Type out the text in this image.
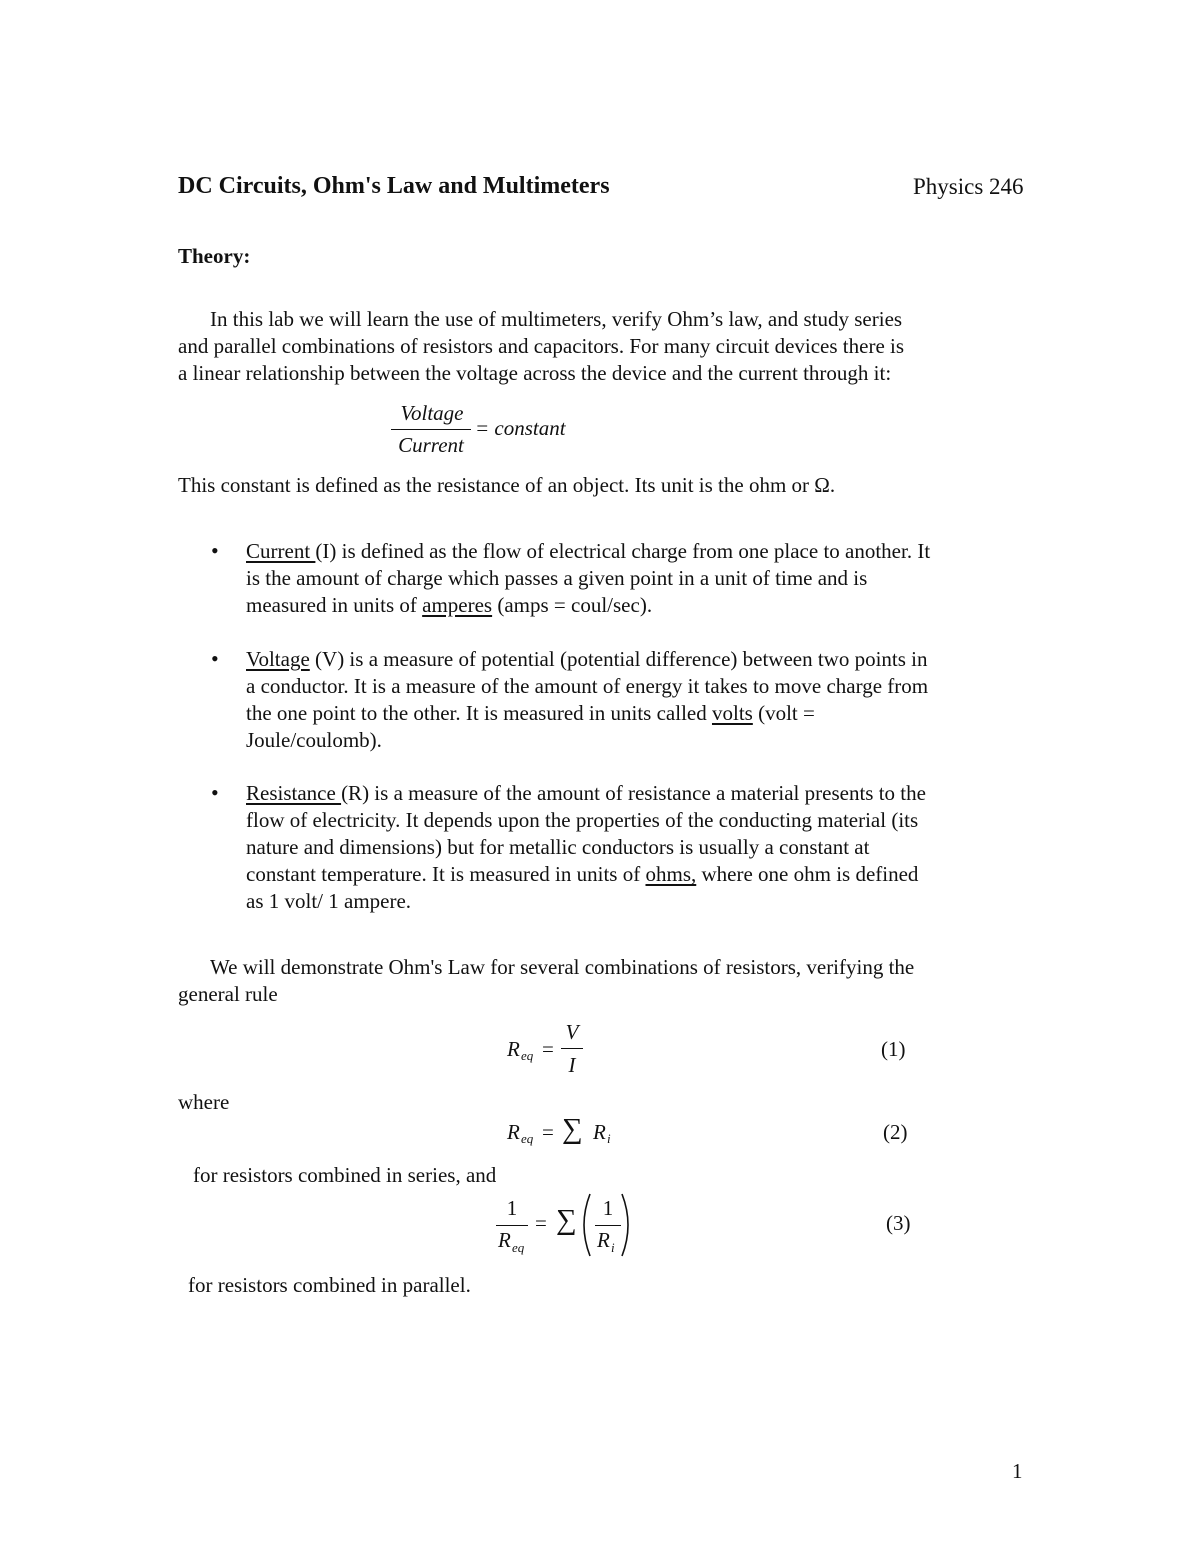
DC Circuits, Ohm's Law and Multimeters	Physics 246
Theory:
In this lab we will learn the use of multimeters, verify Ohm’s law, and study series
and parallel combinations of resistors and capacitors. For many circuit devices there is
a linear relationship between the voltage across the device and the current through it:
Voltage
Current
= constant
This constant is defined as the resistance of an object. Its unit is the ohm or Ω.
• Current (I) is defined as the flow of electrical charge from one place to another. It
is the amount of charge which passes a given point in a unit of time and is
measured in units of amperes (amps = coul/sec).
• Voltage (V) is a measure of potential (potential difference) between two points in
a conductor. It is a measure of the amount of energy it takes to move charge from
the one point to the other. It is measured in units called volts (volt =
Joule/coulomb).
• Resistance (R) is a measure of the amount of resistance a material presents to the
flow of electricity. It depends upon the properties of the conducting material (its
nature and dimensions) but for metallic conductors is usually a constant at
constant temperature. It is measured in units of ohms, where one ohm is defined
as 1 volt/ 1 ampere.
We will demonstrate Ohm's Law for several combinations of resistors, verifying the
general rule
R eq =
V
I
(1)
where
R eq = ∑ R i	(2)
for resistors combined in series, and
1
R eq
= ∑ 1
R i
(3)
for resistors combined in parallel.
1
